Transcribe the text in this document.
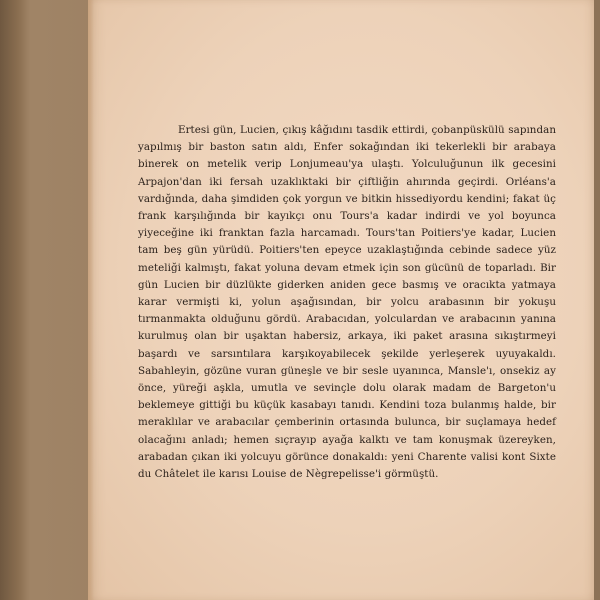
Ertesi gün, Lucien, çıkış kâğıdını tasdik ettirdi, çobanpüskülü sapından yapılmış bir baston satın aldı, Enfer sokağından iki tekerlekli bir arabaya binerek on metelik verip Lonjumeau'ya ulaştı. Yolculuğunun ilk gecesini Arpajon'dan iki fersah uzaklıktaki bir çiftliğin ahırında geçirdi. Orléans'a vardığında, daha şimdiden çok yorgun ve bitkin hissediyordu kendini; fakat üç frank karşılığında bir kayıkçı onu Tours'a kadar indirdi ve yol boyunca yiyeceğine iki franktan fazla harcamadı. Tours'tan Poitiers'ye kadar, Lucien tam beş gün yürüdü. Poitiers'ten epeyce uzaklaştığında cebinde sadece yüz meteliği kalmıştı, fakat yoluna devam etmek için son gücünü de toparladı. Bir gün Lucien bir düzlükte giderken aniden gece basmış ve oracıkta yatmaya karar vermişti ki, yolun aşağısından, bir yolcu arabasının bir yokuşu tırmanmakta olduğunu gördü. Arabacıdan, yolculardan ve arabacının yanına kurulmuş olan bir uşaktan habersiz, arkaya, iki paket arasına sıkıştırmeyi başardı ve sarsıntılara karşıkoyabilecek şekilde yerleşerek uyuyakaldı. Sabahleyin, gözüne vuran güneşle ve bir sesle uyanınca, Mansle'ı, onsekiz ay önce, yüreği aşkla, umutla ve sevinçle dolu olarak madam de Bargeton'u beklemeye gittiği bu küçük kasabayı tanıdı. Kendini toza bulanmış halde, bir meraklılar ve arabacılar çemberinin ortasında bulunca, bir suçlamaya hedef olacağını anladı; hemen sıçrayıp ayağa kalktı ve tam konuşmak üzereyken, arabadan çıkan iki yolcuyu görünce donakaldı: yeni Charente valisi kont Sixte du Châtelet ile karısı Louise de Nègrepelisse'i görmüştü.
